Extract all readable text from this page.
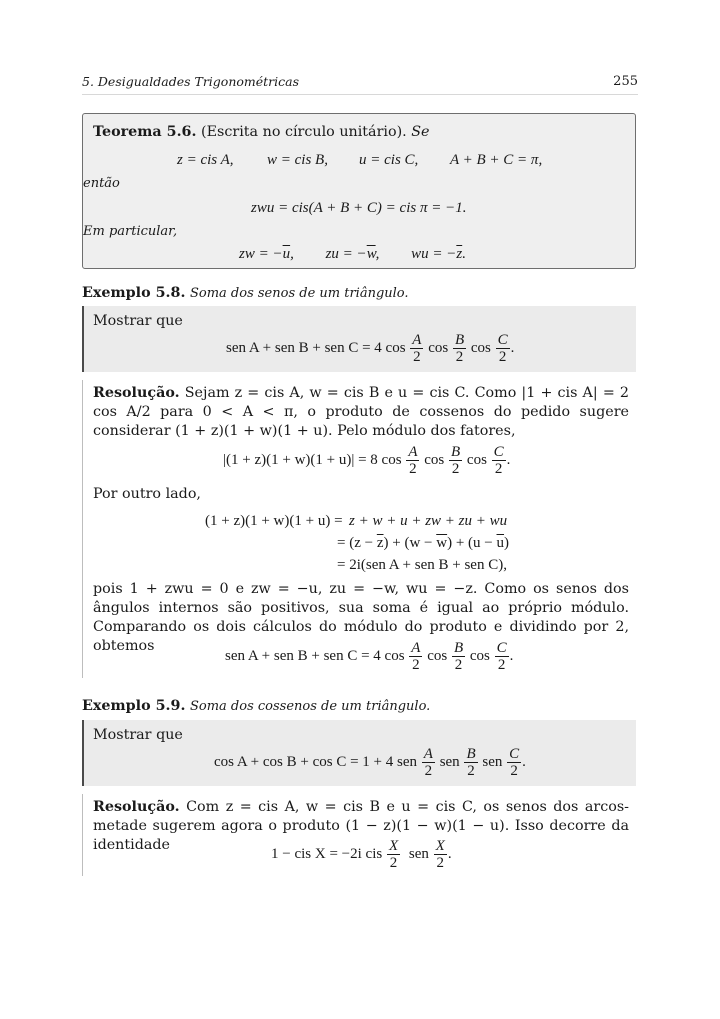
5. Desigualdades Trigonométricas	255
Teorema 5.6. (Escrita no círculo unitário). Se
z = cis A, w = cis B, u = cis C, A + B + C = π,
então
zwu = cis(A + B + C) = cis π = −1.
Em particular,
zw = $-\overline{u}$, zu = $-\overline{w}$, wu = $-\overline{z}$.
Exemplo 5.8. Soma dos senos de um triângulo.
Mostrar que
sen A + sen B + sen C = 4 $\cos \frac{A}{2}$ $\cos \frac{B}{2}$ $\cos \frac{C}{2}$ .
Resolução. Sejam z = cis A, w = cis B e u = cis C. Como |1 + cis A| = 2 cos A/2 para 0 < A < π, o produto de cossenos do pedido sugere considerar (1 + z)(1 + w)(1 + u). Pelo módulo dos fatores,
|(1 + z)(1 + w)(1 + u)| = 8 $\cos \frac{A}{2}$ $\cos \frac{B}{2}$ $\cos \frac{C}{2}$ .
Por outro lado,
(1 + z)(1 + w)(1 + u) = z + w + u + zw + zu + wu
= $(z - \overline{z}) + (w - \overline{w}) + (u - \overline{u})$
= 2i(sen A + sen B + sen C),
pois 1 + zwu = 0 e zw = −u, zu = −w, wu = −z. Como os senos dos ângulos internos são positivos, sua soma é igual ao próprio módulo. Comparando os dois cálculos do módulo do produto e dividindo por 2, obtemos
sen A + sen B + sen C = 4 $\cos \frac{A}{2}$ $\cos \frac{B}{2}$ $\cos \frac{C}{2}$ .
Exemplo 5.9. Soma dos cossenos de um triângulo.
Mostrar que
cos A + cos B + cos C = 1 + 4 sen $\frac{A}{2}$ sen $\frac{B}{2}$ sen $\frac{C}{2}$ .
Resolução. Com z = cis A, w = cis B e u = cis C, os senos dos arcos-metade sugerem agora o produto (1 − z)(1 − w)(1 − u). Isso decorre da identidade
1 − cis X = −2i cis $\frac{X}{2}$ sen $\frac{X}{2}$ .
